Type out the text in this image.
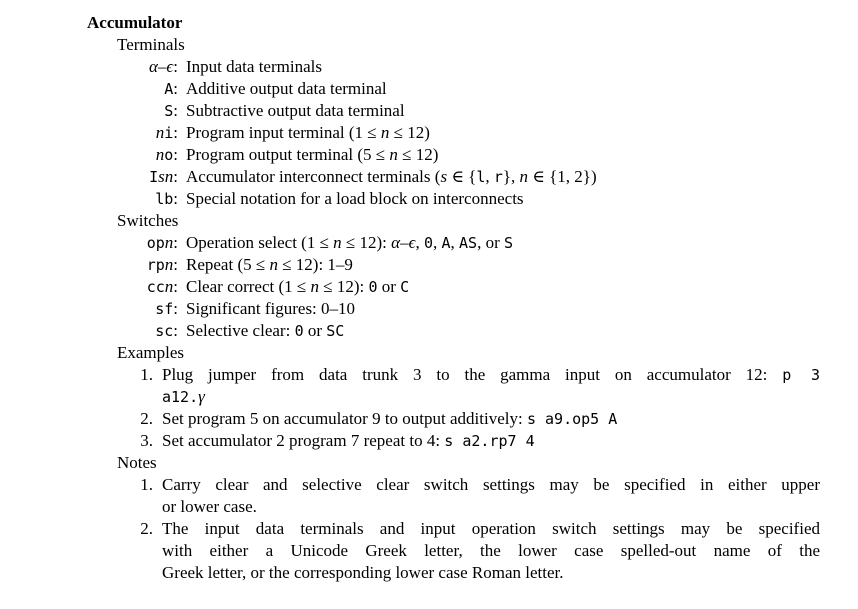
Accumulator
Terminals
α–ϵ: Input data terminals
A: Additive output data terminal
S: Subtractive output data terminal
ni: Program input terminal (1 ≤ n ≤ 12)
no: Program output terminal (5 ≤ n ≤ 12)
Isn: Accumulator interconnect terminals (s ∈ {l, r}, n ∈ {1, 2})
lb: Special notation for a load block on interconnects
Switches
opn: Operation select (1 ≤ n ≤ 12): α–ϵ, 0, A, AS, or S
rpn: Repeat (5 ≤ n ≤ 12): 1–9
ccn: Clear correct (1 ≤ n ≤ 12): 0 or C
sf: Significant figures: 0–10
sc: Selective clear: 0 or SC
Examples
1. Plug jumper from data trunk 3 to the gamma input on accumulator 12: p 3
a12.γ
2. Set program 5 on accumulator 9 to output additively: s a9.op5 A
3. Set accumulator 2 program 7 repeat to 4: s a2.rp7 4
Notes
1. Carry clear and selective clear switch settings may be specified in either upper
or lower case.
2. The input data terminals and input operation switch settings may be specified
with either a Unicode Greek letter, the lower case spelled-out name of the
Greek letter, or the corresponding lower case Roman letter.
